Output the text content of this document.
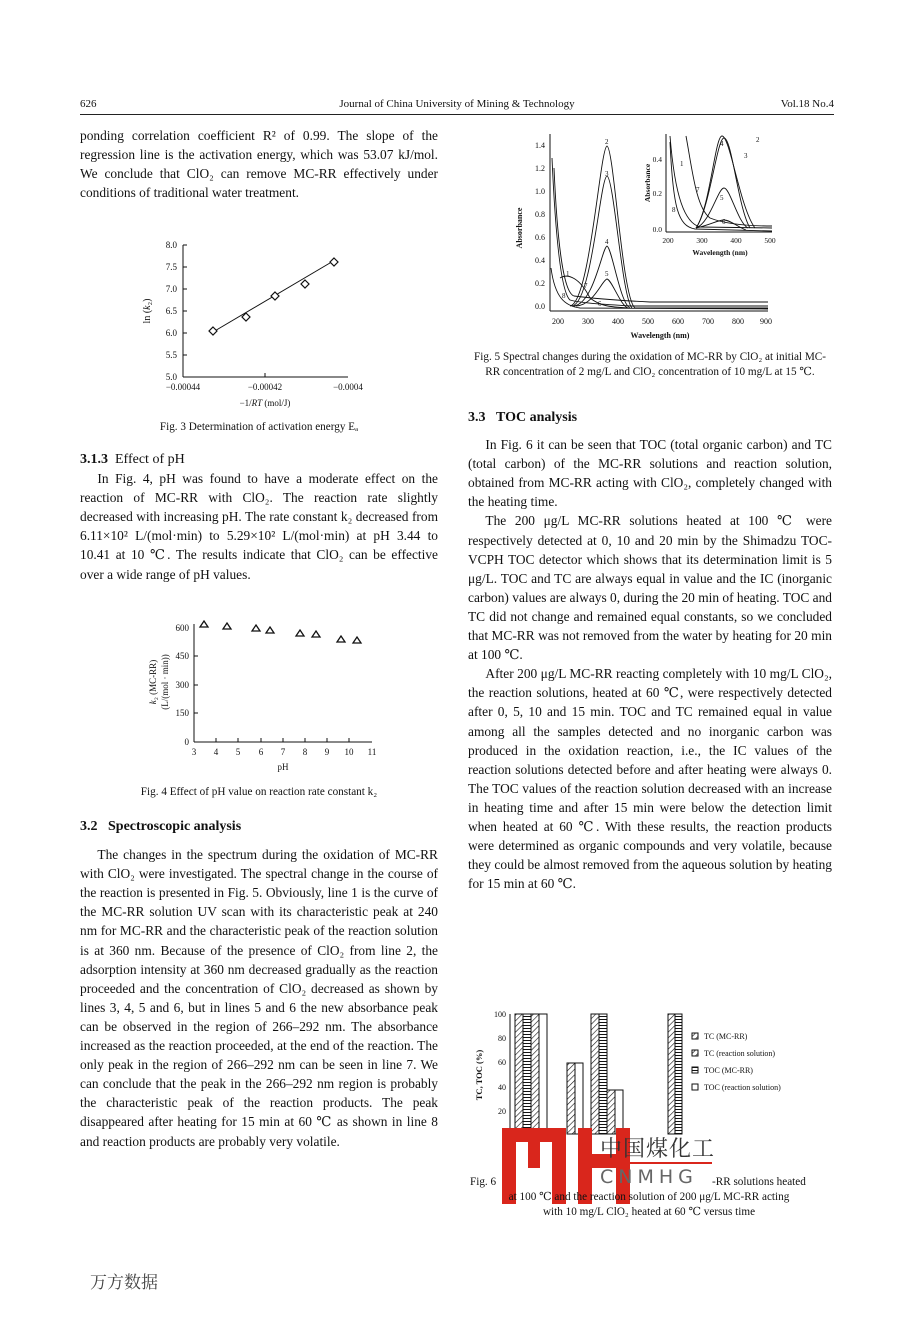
626	Journal of China University of Mining & Technology	Vol.18 No.4

ponding correlation coefficient R² of 0.99. The slope of the regression line is the activation energy, which was 53.07 kJ/mol. We conclude that ClO₂ can remove MC-RR effectively under conditions of traditional water treatment.

8.0
7.5
7.0
6.5
6.0
5.5
5.0
−0.00044	−0.00042	−0.0004
−1/RT (mol/J)
ln (k₂)
Fig. 3 Determination of activation energy Eₐ

3.1.3 Effect of pH

In Fig. 4, pH was found to have a moderate effect on the reaction of MC-RR with ClO₂. The reaction rate slightly decreased with increasing pH. The rate constant k₂ decreased from 6.11×10² L/(mol·min) to 5.29×10² L/(mol·min) at pH 3.44 to 10.41 at 10 ℃. The results indicate that ClO₂ can be effective over a wide range of pH values.

600
450
300
150
0
3 4 5 6 7 8 9 10 11
pH
k₂ (MC-RR) (L/(mol · min))
Fig. 4 Effect of pH value on reaction rate constant k₂

3.2 Spectroscopic analysis

The changes in the spectrum during the oxidation of MC-RR with ClO₂ were investigated. The spectral change in the course of the reaction is presented in Fig. 5. Obviously, line 1 is the curve of the MC-RR solution UV scan with its characteristic peak at 240 nm for MC-RR and the characteristic peak of the reaction solution is at 360 nm. Because of the presence of ClO₂ from line 2, the adsorption intensity at 360 nm decreased gradually as the reaction proceeded and the concentration of ClO₂ decreased as shown by lines 3, 4, 5 and 6, but in lines 5 and 6 the new absorbance peak can be observed in the region of 266–292 nm. The absorbance increased as the reaction proceeded, at the end of the reaction. The only peak in the region of 266–292 nm can be seen in line 7. We can conclude that the peak in the 266–292 nm region is probably the characteristic peak of the reaction products. The peak disappeared after heating for 15 min at 60 ℃ as shown in line 8 and reaction products are probably very volatile.

1.4
1.2
1.0
0.8
0.6
0.4
0.2
0.0
200 300 400 500 600 700 800 900
Wavelength (nm)
Absorbance
1
2
3
4
5
6
7
8
0.4
0.2
0.0
200	300	400	500
Wavelength (nm)
Absorbance	1
2
3
4
5
6
7
8
Fig. 5 Spectral changes during the oxidation of MC-RR by ClO₂ at initial MC-RR concentration of 2 mg/L and ClO₂ concentration of 10 mg/L at 15 ℃.

3.3 TOC analysis

In Fig. 6 it can be seen that TOC (total organic carbon) and TC (total carbon) of the MC-RR solutions and reaction solution, obtained from MC-RR acting with ClO₂, completely changed with the heating time.

The 200 μg/L MC-RR solutions heated at 100 ℃ were respectively detected at 0, 10 and 20 min by the Shimadzu TOC-VCPH TOC detector which shows that its determination limit is 5 μg/L. TOC and TC are always equal in value and the IC (inorganic carbon) values are always 0, during the 20 min of heating. TOC and TC did not change and remained equal constants, so we concluded that MC-RR was not removed from the water by heating for 20 min at 100 ℃.

After 200 μg/L MC-RR reacting completely with 10 mg/L ClO₂, the reaction solutions, heated at 60 ℃, were respectively detected after 0, 5, 10 and 15 min. TOC and TC remained equal in value among all the samples detected and no inorganic carbon was produced in the oxidation reaction, i.e., the IC values of the reaction solutions detected before and after heating were always 0. The TOC values of the reaction solution decreased with an increase in heating time and after 15 min were below the detection limit when heated at 60 ℃. With these results, the reaction products were determined as organic compounds and very volatile, because they could be almost removed from the aqueous solution by heating for 15 min at 60 ℃.

100
80
60
40
20
TC, TOC (%)
TC (MC-RR)
TC (reaction solution)
TOC (MC-RR)
TOC (reaction solution)
中国煤化工
CNMHG
Fig. 6	-RR solutions heated
at 100 ℃ and the reaction solution of 200 μg/L MC-RR acting
with 10 mg/L ClO₂ heated at 60 ℃ versus time
万方数据
